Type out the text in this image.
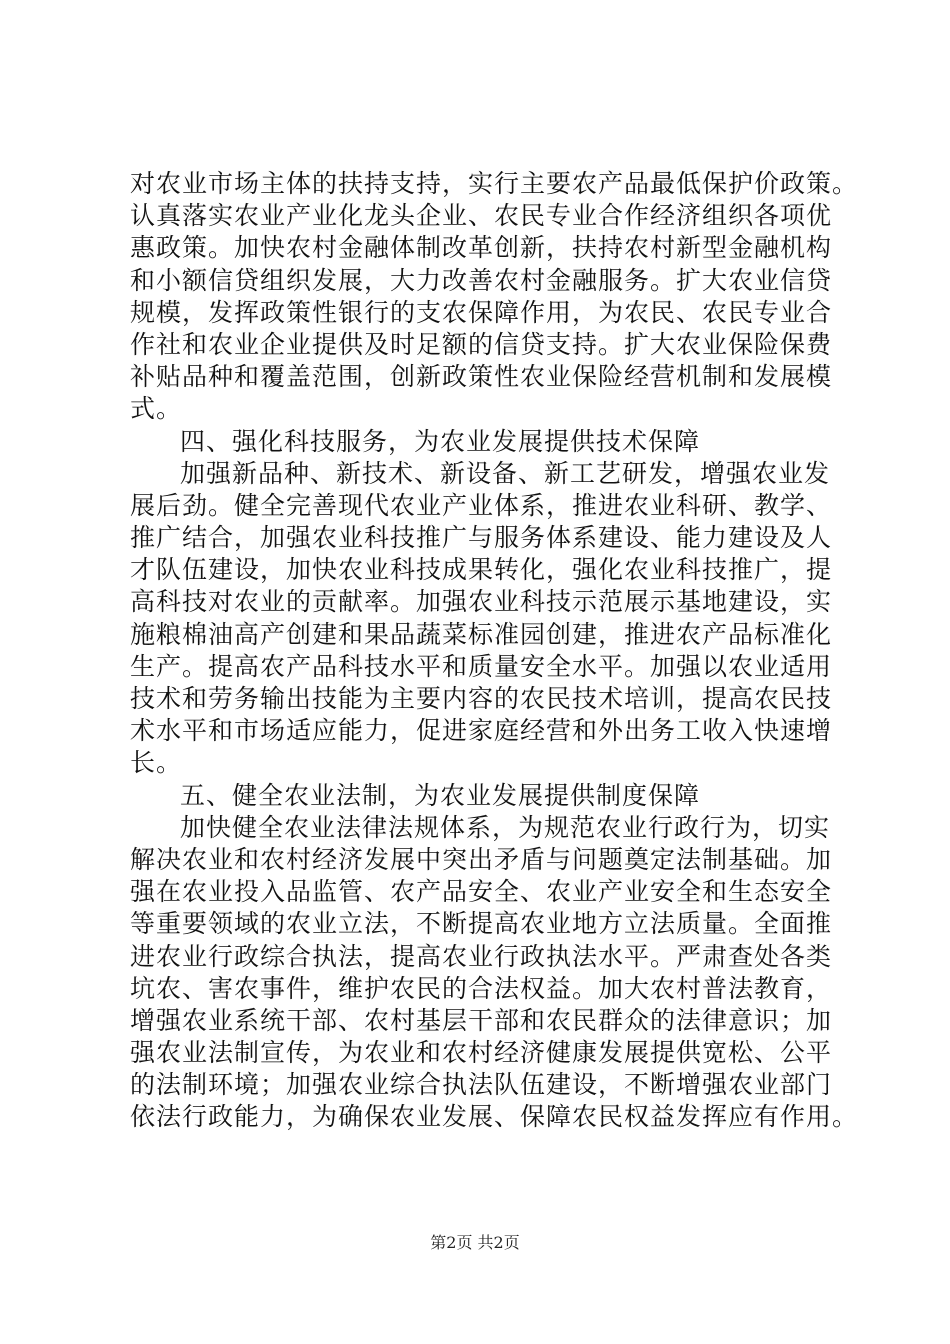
对农业市场主体的扶持支持，实行主要农产品最低保护价政策。
认真落实农业产业化龙头企业、农民专业合作经济组织各项优
惠政策。加快农村金融体制改革创新，扶持农村新型金融机构
和小额信贷组织发展，大力改善农村金融服务。扩大农业信贷
规模，发挥政策性银行的支农保障作用，为农民、农民专业合
作社和农业企业提供及时足额的信贷支持。扩大农业保险保费
补贴品种和覆盖范围，创新政策性农业保险经营机制和发展模
式。
四、强化科技服务，为农业发展提供技术保障
加强新品种、新技术、新设备、新工艺研发，增强农业发
展后劲。健全完善现代农业产业体系，推进农业科研、教学、
推广结合，加强农业科技推广与服务体系建设、能力建设及人
才队伍建设，加快农业科技成果转化，强化农业科技推广，提
高科技对农业的贡献率。加强农业科技示范展示基地建设，实
施粮棉油高产创建和果品蔬菜标准园创建，推进农产品标准化
生产。提高农产品科技水平和质量安全水平。加强以农业适用
技术和劳务输出技能为主要内容的农民技术培训，提高农民技
术水平和市场适应能力，促进家庭经营和外出务工收入快速增
长。
五、健全农业法制，为农业发展提供制度保障
加快健全农业法律法规体系，为规范农业行政行为，切实
解决农业和农村经济发展中突出矛盾与问题奠定法制基础。加
强在农业投入品监管、农产品安全、农业产业安全和生态安全
等重要领域的农业立法，不断提高农业地方立法质量。全面推
进农业行政综合执法，提高农业行政执法水平。严肃查处各类
坑农、害农事件，维护农民的合法权益。加大农村普法教育，
增强农业系统干部、农村基层干部和农民群众的法律意识；加
强农业法制宣传，为农业和农村经济健康发展提供宽松、公平
的法制环境；加强农业综合执法队伍建设，不断增强农业部门
依法行政能力，为确保农业发展、保障农民权益发挥应有作用。
第2页 共2页
